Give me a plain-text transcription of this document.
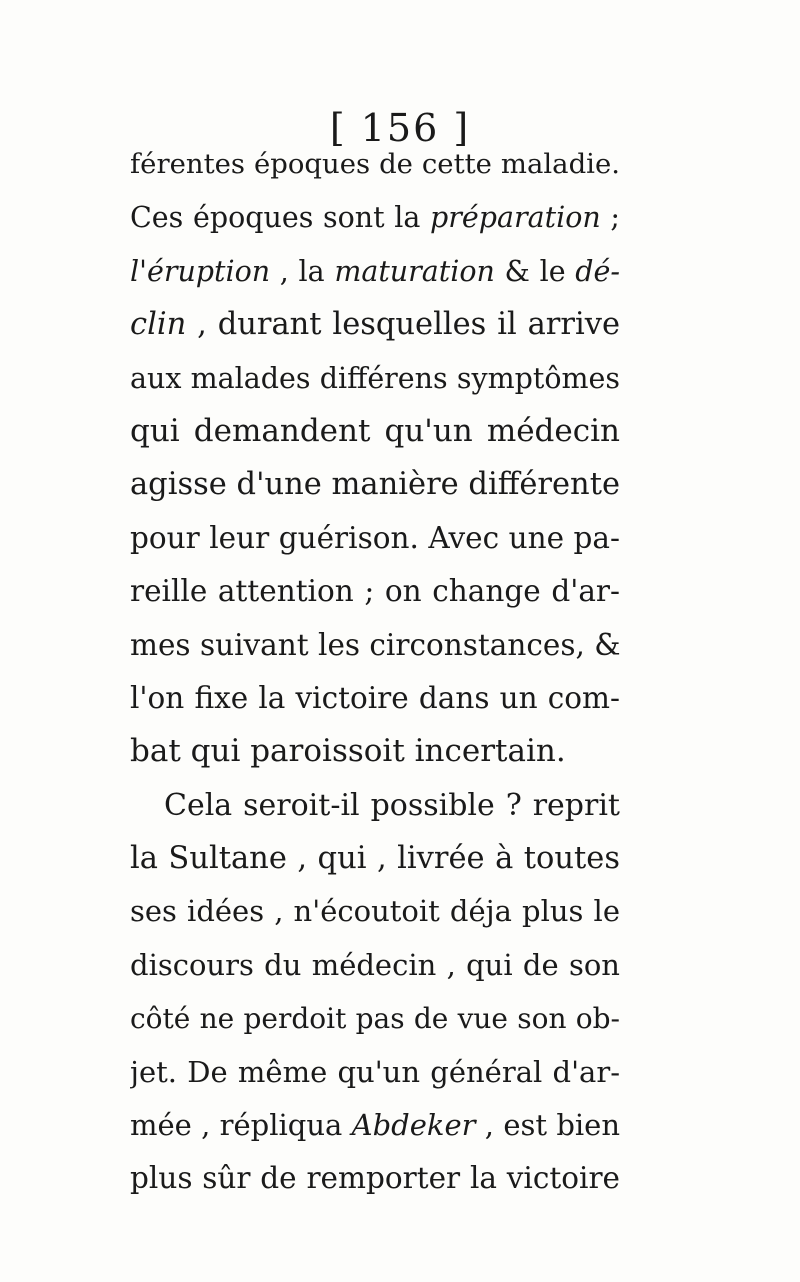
[ 156 ]
férentes époques de cette maladie.
Ces époques sont la préparation ;
l'éruption , la maturation & le dé-
clin , durant lesquelles il arrive
aux malades différens symptômes
qui demandent qu'un médecin
agisse d'une manière différente
pour leur guérison. Avec une pa-
reille attention ; on change d'ar-
mes suivant les circonstances, &
l'on fixe la victoire dans un com-
bat qui paroissoit incertain.
Cela seroit-il possible ? reprit
la Sultane , qui , livrée à toutes
ses idées , n'écoutoit déja plus le
discours du médecin , qui de son
côté ne perdoit pas de vue son ob-
jet. De même qu'un général d'ar-
mée , répliqua Abdeker , est bien
plus sûr de remporter la victoire
